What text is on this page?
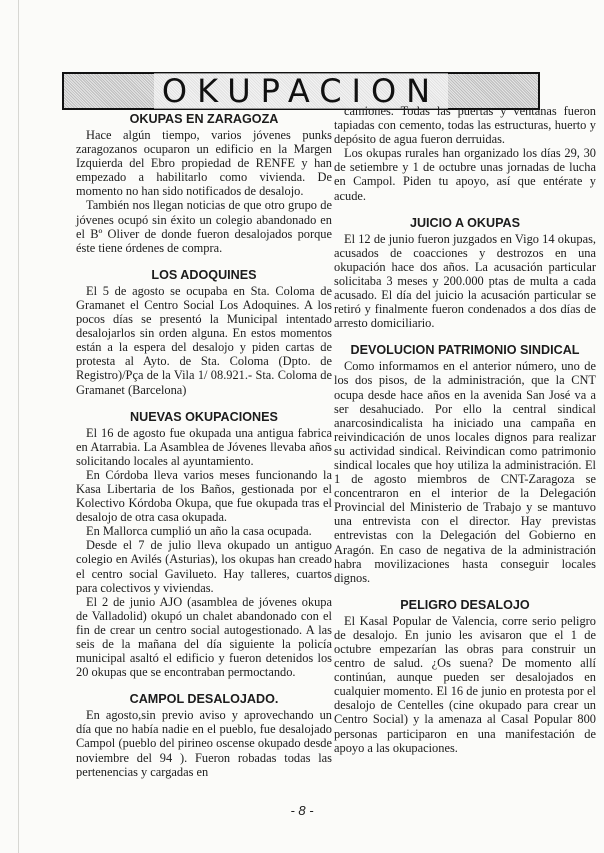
OKUPACION
OKUPAS EN ZARAGOZA

Hace algún tiempo, varios jóvenes punks zaragozanos ocuparon un edificio en la Margen Izquierda del Ebro propiedad de RENFE y han empezado a habilitarlo como vivienda. De momento no han sido notificados de desalojo.

También nos llegan noticias de que otro grupo de jóvenes ocupó sin éxito un colegio abandonado en el Bº Oliver de donde fueron desalojados porque éste tiene órdenes de compra.

LOS ADOQUINES

El 5 de agosto se ocupaba en Sta. Coloma de Gramanet el Centro Social Los Adoquines. A los pocos días se presentó la Municipal intentado desalojarlos sin orden alguna. En estos momentos están a la espera del desalojo y piden cartas de protesta al Ayto. de Sta. Coloma (Dpto. de Registro)/Pça de la Vila 1/ 08.921.- Sta. Coloma de Gramanet (Barcelona)

NUEVAS OKUPACIONES

El 16 de agosto fue okupada una antigua fabrica en Atarrabia. La Asamblea de Jóvenes llevaba años solicitando locales al ayuntamiento.

En Córdoba lleva varios meses funcionando la Kasa Libertaria de los Baños, gestionada por el Kolectivo Kórdoba Okupa, que fue okupada tras el desalojo de otra casa okupada.

En Mallorca cumplió un año la casa ocupada.

Desde el 7 de julio lleva okupado un antiguo colegio en Avilés (Asturias), los okupas han creado el centro social Gavilueto. Hay talleres, cuartos para colectivos y viviendas.

El 2 de junio AJO (asamblea de jóvenes okupa de Valladolid) okupó un chalet abandonado con el fin de crear un centro social autogestionado. A las seis de la mañana del día siguiente la policía municipal asaltó el edificio y fueron detenidos los 20 okupas que se encontraban permoctando.

CAMPOL DESALOJADO.

En agosto,sin previo aviso y aprovechando un día que no había nadie en el pueblo, fue desalojado Campol (pueblo del pirineo oscense okupado desde noviembre del 94 ). Fueron robadas todas las pertenencias y cargadas en

camiones. Todas las puertas y ventanas fueron tapiadas con cemento, todas las estructuras, huerto y depósito de agua fueron derruidas.

Los okupas rurales han organizado los días 29, 30 de setiembre y 1 de octubre unas jornadas de lucha en Campol. Piden tu apoyo, así que entérate y acude.

JUICIO A OKUPAS

El 12 de junio fueron juzgados en Vigo 14 okupas, acusados de coacciones y destrozos en una okupación hace dos años. La acusación particular solicitaba 3 meses y 200.000 ptas de multa a cada acusado. El día del juicio la acusación particular se retiró y finalmente fueron condenados a dos días de arresto domiciliario.

DEVOLUCION PATRIMONIO SINDICAL

Como informamos en el anterior número, uno de los dos pisos, de la administración, que la CNT ocupa desde hace años en la avenida San José va a ser desahuciado. Por ello la central sindical anarcosindicalista ha iniciado una campaña en reivindicación de unos locales dignos para realizar su actividad sindical. Reivindican como patrimonio sindical locales que hoy utiliza la administración. El 1 de agosto miembros de CNT-Zaragoza se concentraron en el interior de la Delegación Provincial del Ministerio de Trabajo y se mantuvo una entrevista con el director. Hay previstas entrevistas con la Delegación del Gobierno en Aragón. En caso de negativa de la administración habra movilizaciones hasta conseguir locales dignos.

PELIGRO DESALOJO

El Kasal Popular de Valencia, corre serio peligro de desalojo. En junio les avisaron que el 1 de octubre empezarían las obras para construir un centro de salud. ¿Os suena? De momento allí continúan, aunque pueden ser desalojados en cualquier momento. El 16 de junio en protesta por el desalojo de Centelles (cine okupado para crear un Centro Social) y la amenaza al Casal Popular 800 personas participaron en una manifestación de apoyo a las okupaciones.

- 8 -
